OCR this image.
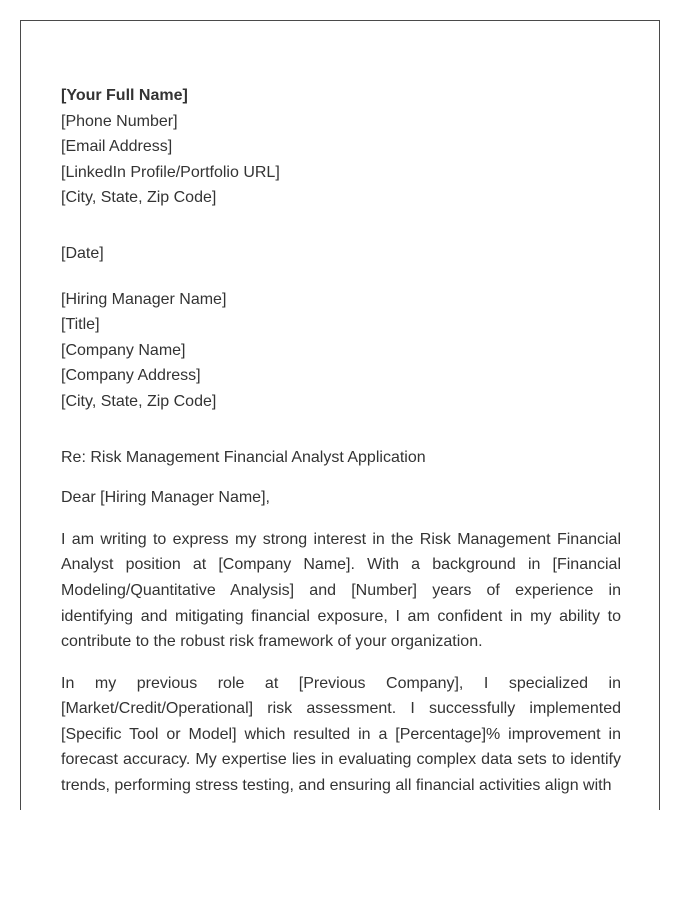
[Your Full Name]
[Phone Number]
[Email Address]
[LinkedIn Profile/Portfolio URL]
[City, State, Zip Code]
[Date]
[Hiring Manager Name]
[Title]
[Company Name]
[Company Address]
[City, State, Zip Code]

Re: Risk Management Financial Analyst Application

Dear [Hiring Manager Name],

I am writing to express my strong interest in the Risk Management Financial Analyst position at [Company Name]. With a background in [Financial Modeling/Quantitative Analysis] and [Number] years of experience in identifying and mitigating financial exposure, I am confident in my ability to contribute to the robust risk framework of your organization.

In my previous role at [Previous Company], I specialized in [Market/Credit/Operational] risk assessment. I successfully implemented [Specific Tool or Model] which resulted in a [Percentage]% improvement in forecast accuracy. My expertise lies in evaluating complex data sets to identify trends, performing stress testing, and ensuring all financial activities align with
